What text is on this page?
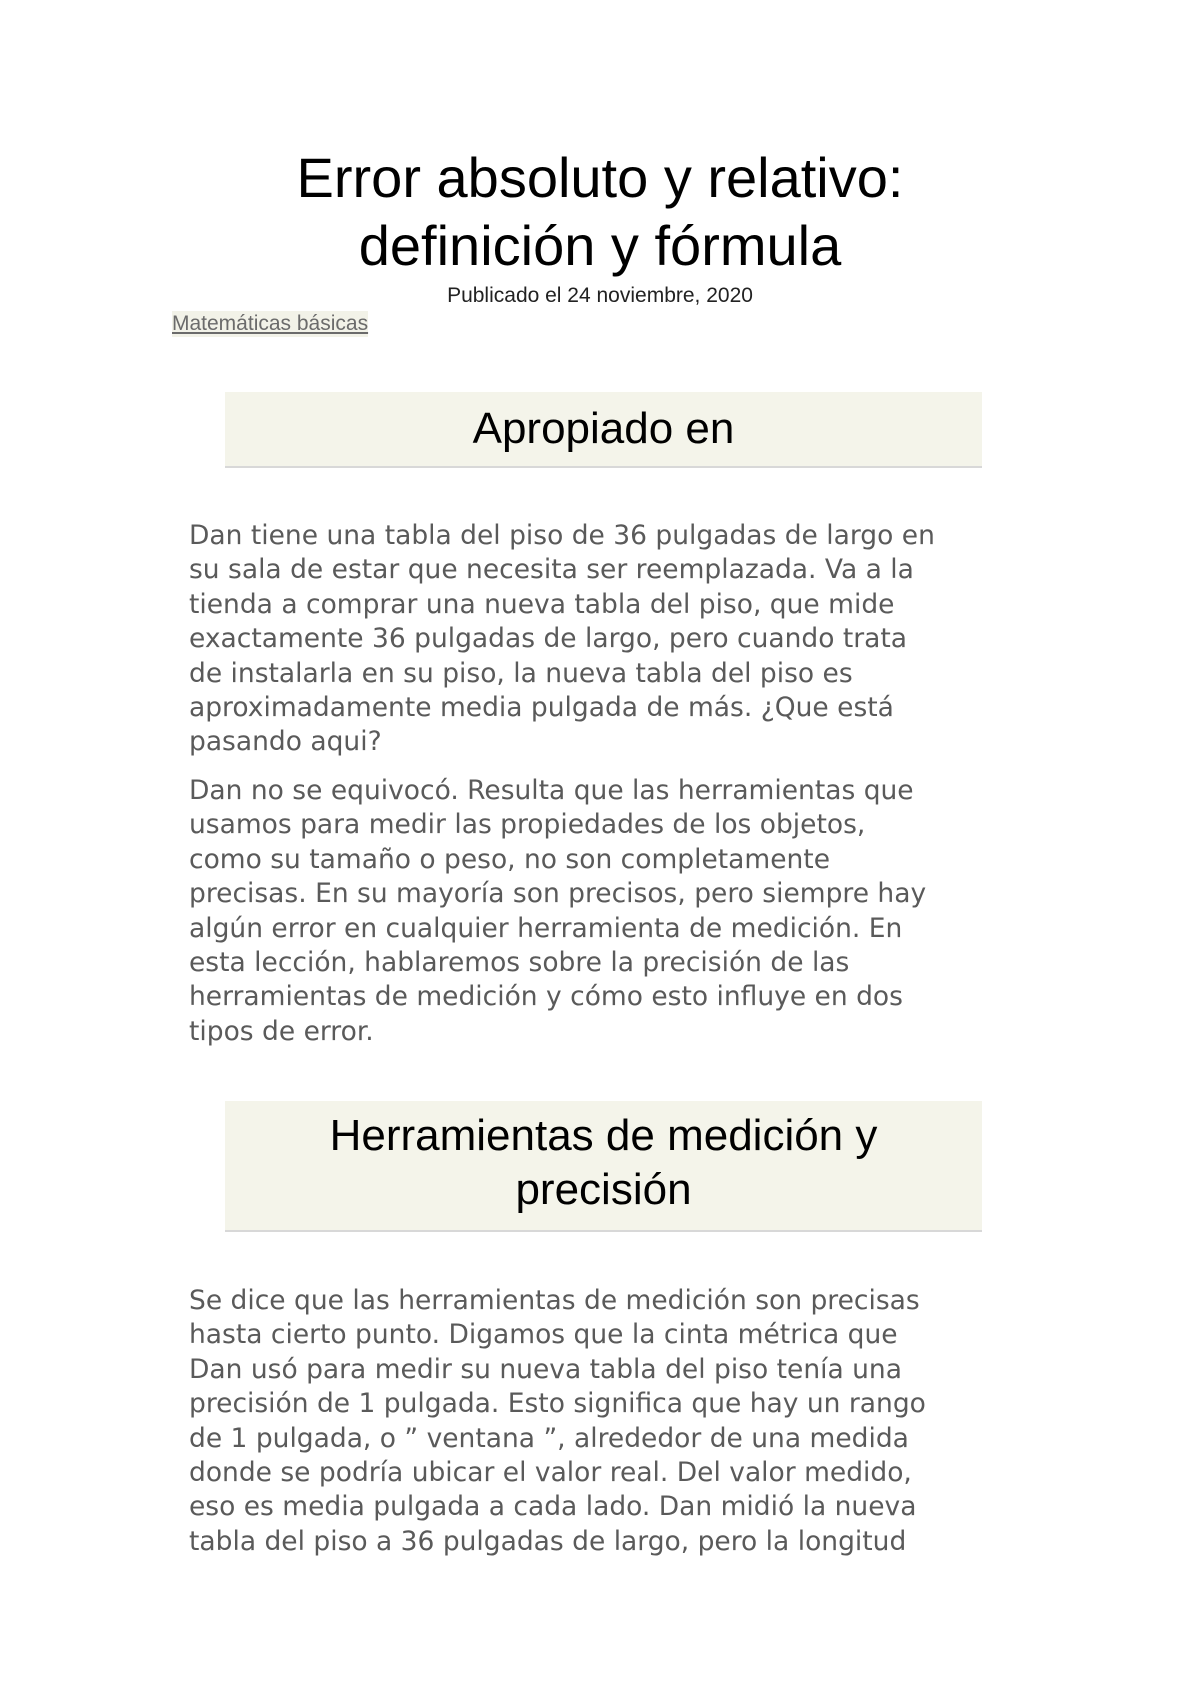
Error absoluto y relativo:
definición y fórmula
Publicado el 24 noviembre, 2020
Matemáticas básicas
Apropiado en

Dan tiene una tabla del piso de 36 pulgadas de largo en
su sala de estar que necesita ser reemplazada. Va a la
tienda a comprar una nueva tabla del piso, que mide
exactamente 36 pulgadas de largo, pero cuando trata
de instalarla en su piso, la nueva tabla del piso es
aproximadamente media pulgada de más. ¿Que está
pasando aqui?

Dan no se equivocó. Resulta que las herramientas que
usamos para medir las propiedades de los objetos,
como su tamaño o peso, no son completamente
precisas. En su mayoría son precisos, pero siempre hay
algún error en cualquier herramienta de medición. En
esta lección, hablaremos sobre la precisión de las
herramientas de medición y cómo esto influye en dos
tipos de error.

Herramientas de medición y
precisión

Se dice que las herramientas de medición son precisas
hasta cierto punto. Digamos que la cinta métrica que
Dan usó para medir su nueva tabla del piso tenía una
precisión de 1 pulgada. Esto significa que hay un rango
de 1 pulgada, o ” ventana ”, alrededor de una medida
donde se podría ubicar el valor real. Del valor medido,
eso es media pulgada a cada lado. Dan midió la nueva
tabla del piso a 36 pulgadas de largo, pero la longitud
